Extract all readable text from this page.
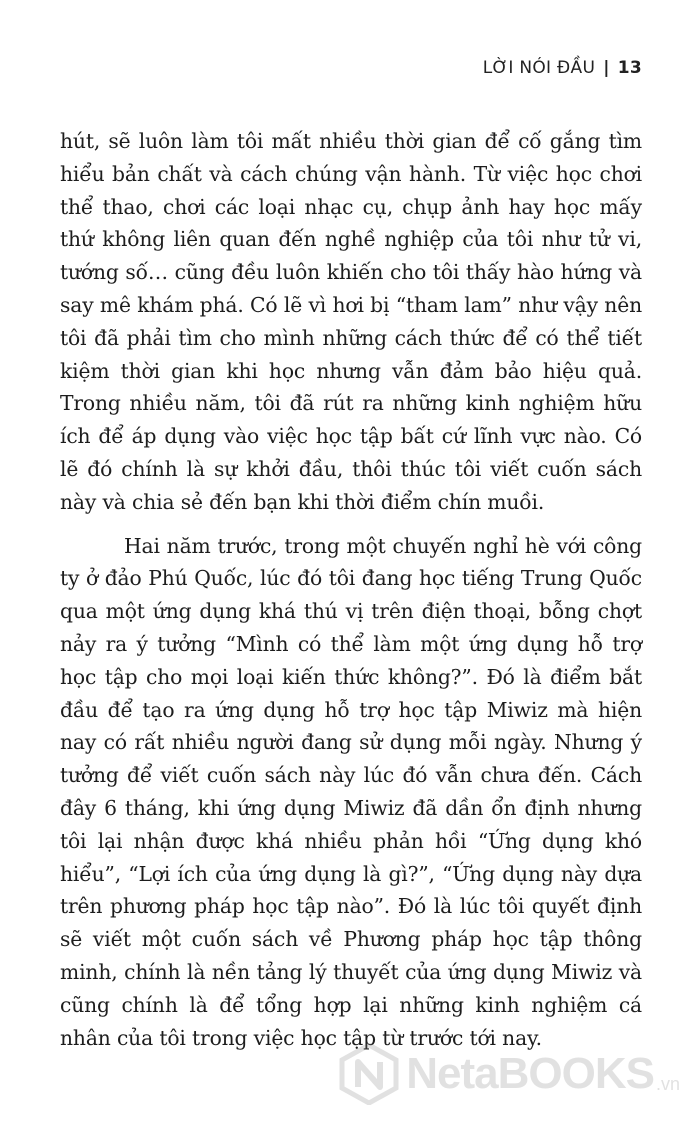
LỜI NÓI ĐẦU | 13

hút, sẽ luôn làm tôi mất nhiều thời gian để cố gắng tìm hiểu bản chất và cách chúng vận hành. Từ việc học chơi thể thao, chơi các loại nhạc cụ, chụp ảnh hay học mấy thứ không liên quan đến nghề nghiệp của tôi như tử vi, tướng số… cũng đều luôn khiến cho tôi thấy hào hứng và say mê khám phá. Có lẽ vì hơi bị “tham lam” như vậy nên tôi đã phải tìm cho mình những cách thức để có thể tiết kiệm thời gian khi học nhưng vẫn đảm bảo hiệu quả. Trong nhiều năm, tôi đã rút ra những kinh nghiệm hữu ích để áp dụng vào việc học tập bất cứ lĩnh vực nào. Có lẽ đó chính là sự khởi đầu, thôi thúc tôi viết cuốn sách này và chia sẻ đến bạn khi thời điểm chín muồi.

Hai năm trước, trong một chuyến nghỉ hè với công ty ở đảo Phú Quốc, lúc đó tôi đang học tiếng Trung Quốc qua một ứng dụng khá thú vị trên điện thoại, bỗng chợt nảy ra ý tưởng “Mình có thể làm một ứng dụng hỗ trợ học tập cho mọi loại kiến thức không?”. Đó là điểm bắt đầu để tạo ra ứng dụng hỗ trợ học tập Miwiz mà hiện nay có rất nhiều người đang sử dụng mỗi ngày. Nhưng ý tưởng để viết cuốn sách này lúc đó vẫn chưa đến. Cách đây 6 tháng, khi ứng dụng Miwiz đã dần ổn định nhưng tôi lại nhận được khá nhiều phản hồi “Ứng dụng khó hiểu”, “Lợi ích của ứng dụng là gì?”, “Ứng dụng này dựa trên phương pháp học tập nào”. Đó là lúc tôi quyết định sẽ viết một cuốn sách về Phương pháp học tập thông minh, chính là nền tảng lý thuyết của ứng dụng Miwiz và cũng chính là để tổng hợp lại những kinh nghiệm cá nhân của tôi trong việc học tập từ trước tới nay.

NetaBOOKS .vn
